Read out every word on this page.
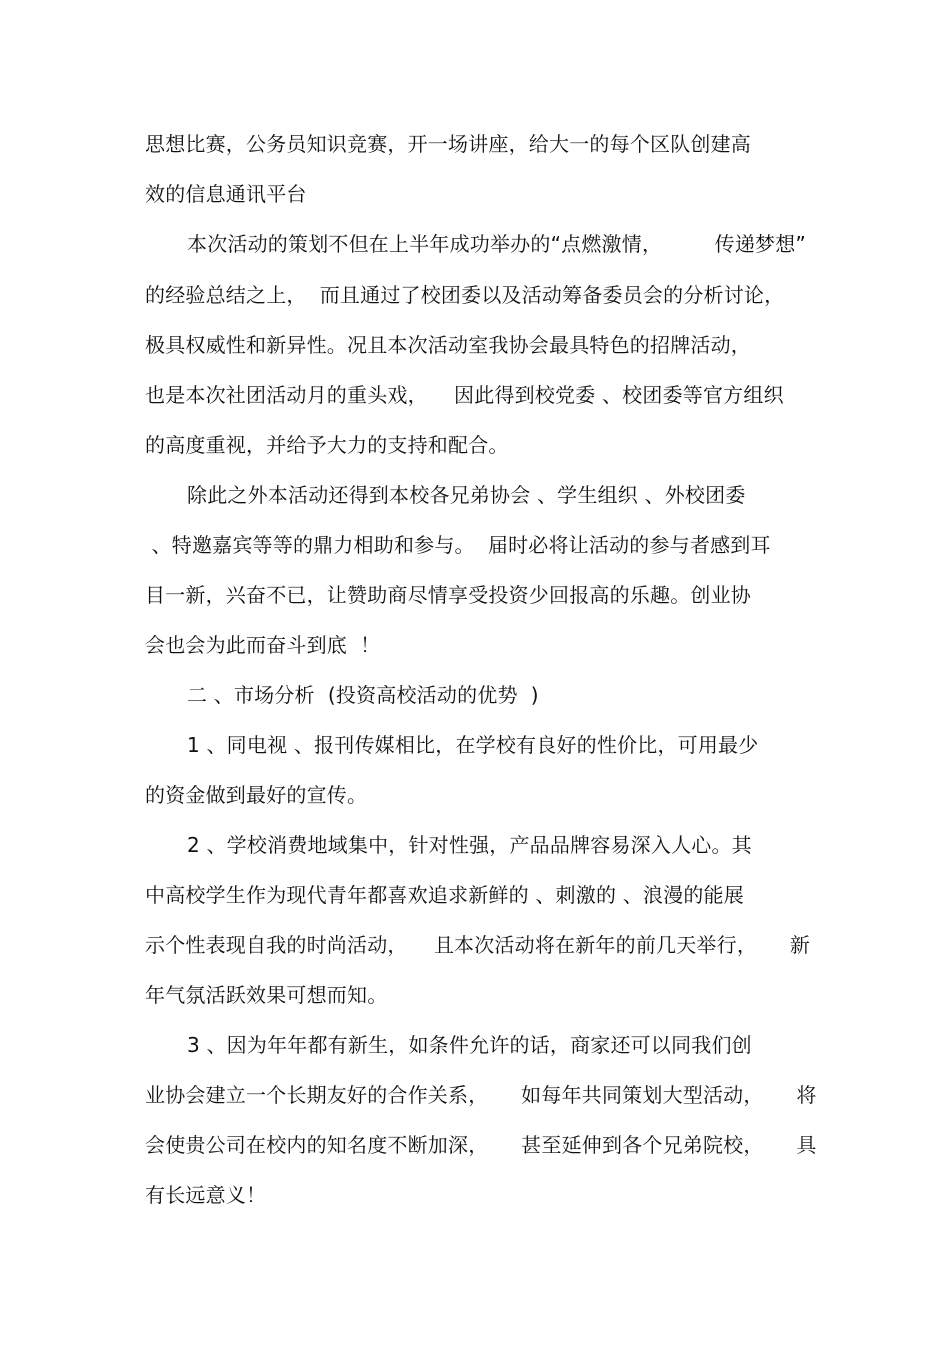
思想比赛，公务员知识竞赛，开一场讲座，给大一的每个区队创建高
效的信息通讯平台
本次活动的策划不但在上半年成功举办的“点燃激情，        传递梦想”
的经验总结之上，  而且通过了校团委以及活动筹备委员会的分析讨论，
极具权威性和新异性。况且本次活动室我协会最具特色的招牌活动，
也是本次社团活动月的重头戏，    因此得到校党委 、校团委等官方组织
的高度重视，并给予大力的支持和配合。
除此之外本活动还得到本校各兄弟协会 、学生组织 、外校团委
、特邀嘉宾等等的鼎力相助和参与。  届时必将让活动的参与者感到耳
目一新，兴奋不已，让赞助商尽情享受投资少回报高的乐趣。创业协
会也会为此而奋斗到底  ！
二 、市场分析  (投资高校活动的优势  )
1 、同电视 、报刊传媒相比，在学校有良好的性价比，可用最少
的资金做到最好的宣传。
2 、学校消费地域集中，针对性强，产品品牌容易深入人心。其
中高校学生作为现代青年都喜欢追求新鲜的 、刺激的 、浪漫的能展
示个性表现自我的时尚活动，    且本次活动将在新年的前几天举行，     新
年气氛活跃效果可想而知。
3 、因为年年都有新生，如条件允许的话，商家还可以同我们创
业协会建立一个长期友好的合作关系，     如每年共同策划大型活动，     将
会使贵公司在校内的知名度不断加深，     甚至延伸到各个兄弟院校，     具
有长远意义！
